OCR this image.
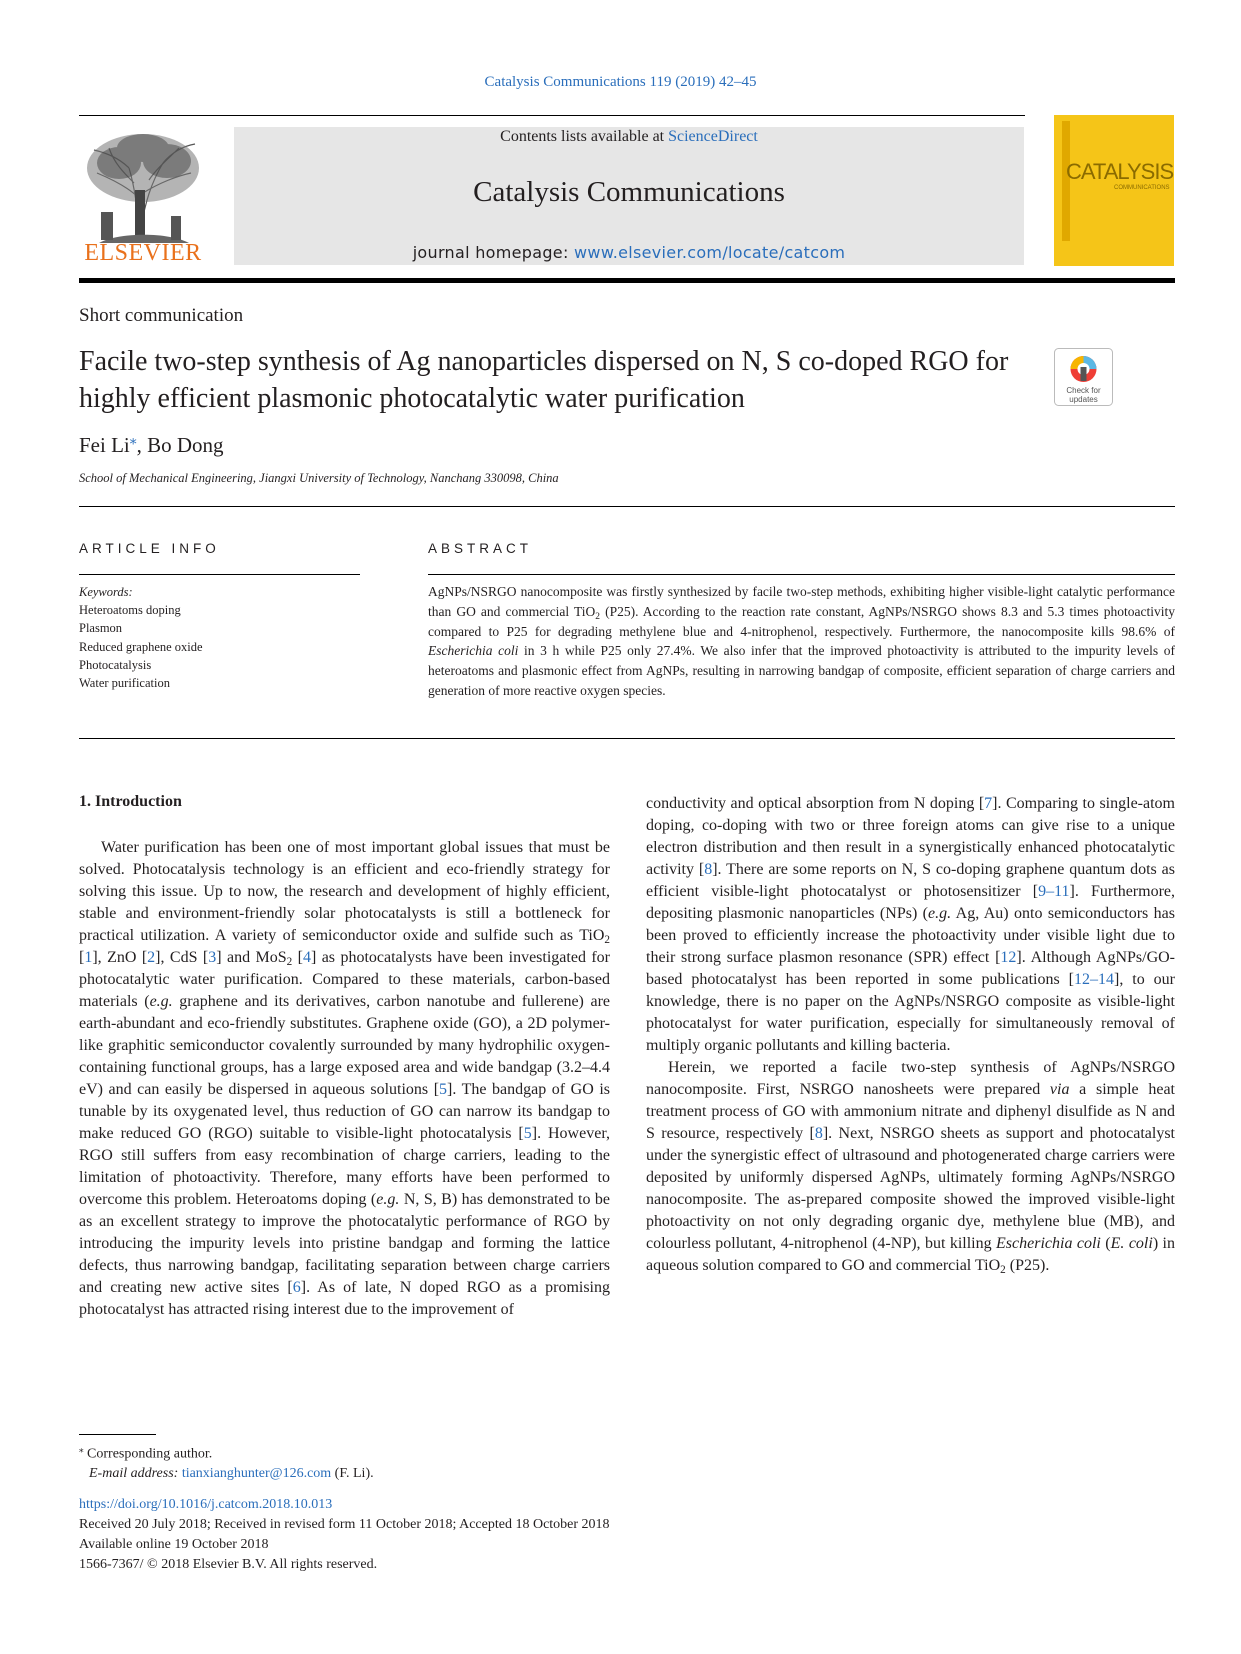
Catalysis Communications 119 (2019) 42–45
ELSEVIER
Contents lists available at ScienceDirect
Catalysis Communications
journal homepage: www.elsevier.com/locate/catcom
CATALYSIS
COMMUNICATIONS
Short communication
Facile two-step synthesis of Ag nanoparticles dispersed on N, S co-doped RGO for highly efficient plasmonic photocatalytic water purification	Check for updates
Fei Li⁎, Bo Dong
School of Mechanical Engineering, Jiangxi University of Technology, Nanchang 330098, China
ARTICLE INFO	ABSTRACT
Keywords:
Heteroatoms doping
Plasmon
Reduced graphene oxide
Photocatalysis
Water purification
AgNPs/NSRGO nanocomposite was firstly synthesized by facile two-step methods, exhibiting higher visible-light catalytic performance than GO and commercial TiO$_2$ (P25). According to the reaction rate constant, AgNPs/NSRGO shows 8.3 and 5.3 times photoactivity compared to P25 for degrading methylene blue and 4-nitrophenol, respectively. Furthermore, the nanocomposite kills 98.6% of Escherichia coli in 3 h while P25 only 27.4%. We also infer that the improved photoactivity is attributed to the impurity levels of heteroatoms and plasmonic effect from AgNPs, resulting in narrowing bandgap of composite, efficient separation of charge carriers and generation of more reactive oxygen species.
1. Introduction

Water purification has been one of most important global issues that must be solved. Photocatalysis technology is an efficient and eco-friendly strategy for solving this issue. Up to now, the research and development of highly efficient, stable and environment-friendly solar photocatalysts is still a bottleneck for practical utilization. A variety of semiconductor oxide and sulfide such as TiO$_2$ [1], ZnO [2], CdS [3] and MoS$_2$ [4] as photocatalysts have been investigated for photocatalytic water purification. Compared to these materials, carbon-based materials (e.g. graphene and its derivatives, carbon nanotube and fullerene) are earth-abundant and eco-friendly substitutes. Graphene oxide (GO), a 2D polymer-like graphitic semiconductor covalently surrounded by many hydrophilic oxygen-containing functional groups, has a large exposed area and wide bandgap (3.2–4.4 eV) and can easily be dispersed in aqueous solutions [5]. The bandgap of GO is tunable by its oxygenated level, thus reduction of GO can narrow its bandgap to make reduced GO (RGO) suitable to visible-light photocatalysis [5]. However, RGO still suffers from easy recombination of charge carriers, leading to the limitation of photoactivity. Therefore, many efforts have been performed to overcome this problem. Heteroatoms doping (e.g. N, S, B) has demonstrated to be as an excellent strategy to improve the photocatalytic performance of RGO by introducing the impurity levels into pristine bandgap and forming the lattice defects, thus narrowing bandgap, facilitating separation between charge carriers and creating new active sites [6]. As of late, N doped RGO as a promising photocatalyst has attracted rising interest due to the improvement of

conductivity and optical absorption from N doping [7]. Comparing to single-atom doping, co-doping with two or three foreign atoms can give rise to a unique electron distribution and then result in a synergistically enhanced photocatalytic activity [8]. There are some reports on N, S co-doping graphene quantum dots as efficient visible-light photocatalyst or photosensitizer [9–11]. Furthermore, depositing plasmonic nanoparticles (NPs) (e.g. Ag, Au) onto semiconductors has been proved to efficiently increase the photoactivity under visible light due to their strong surface plasmon resonance (SPR) effect [12]. Although AgNPs/GO-based photocatalyst has been reported in some publications [12–14], to our knowledge, there is no paper on the AgNPs/NSRGO composite as visible-light photocatalyst for water purification, especially for simultaneously removal of multiply organic pollutants and killing bacteria.

Herein, we reported a facile two-step synthesis of AgNPs/NSRGO nanocomposite. First, NSRGO nanosheets were prepared via a simple heat treatment process of GO with ammonium nitrate and diphenyl disulfide as N and S resource, respectively [8]. Next, NSRGO sheets as support and photocatalyst under the synergistic effect of ultrasound and photogenerated charge carriers were deposited by uniformly dispersed AgNPs, ultimately forming AgNPs/NSRGO nanocomposite. The as-prepared composite showed the improved visible-light photoactivity on not only degrading organic dye, methylene blue (MB), and colourless pollutant, 4-nitrophenol (4-NP), but killing Escherichia coli (E. coli) in aqueous solution compared to GO and commercial TiO$_2$ (P25).

⁎ Corresponding author.
E-mail address: tianxianghunter@126.com (F. Li).
https://doi.org/10.1016/j.catcom.2018.10.013
Received 20 July 2018; Received in revised form 11 October 2018; Accepted 18 October 2018
Available online 19 October 2018
1566-7367/ © 2018 Elsevier B.V. All rights reserved.
